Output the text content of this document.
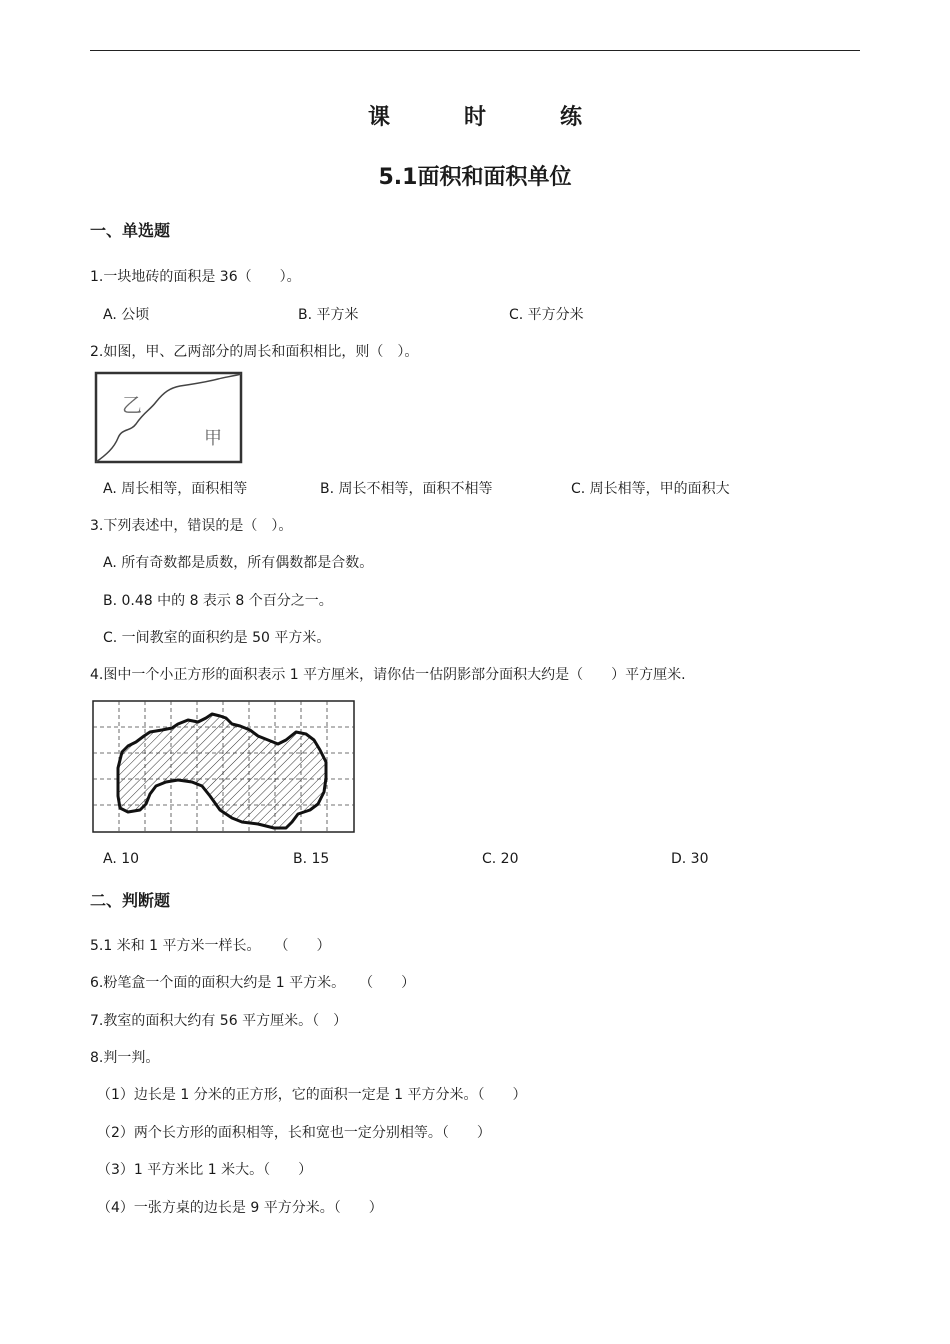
课　时　练
5.1面积和面积单位
一、单选题
1.一块地砖的面积是 36（　　）。
A. 公顷	B. 平方米	C. 平方分米
2.如图，甲、乙两部分的周长和面积相比，则（　）。
乙
甲
A. 周长相等，面积相等	B. 周长不相等，面积不相等	C. 周长相等，甲的面积大
3.下列表述中，错误的是（　）。
A. 所有奇数都是质数，所有偶数都是合数。
B. 0.48 中的 8 表示 8 个百分之一。
C. 一间教室的面积约是 50 平方米。
4.图中一个小正方形的面积表示 1 平方厘米，请你估一估阴影部分面积大约是（　　）平方厘米.
A. 10	B. 15	C. 20	D. 30
二、判断题
5.1 米和 1 平方米一样长。　　（　　）
6.粉笔盒一个面的面积大约是 1 平方米。　　（　　）
7.教室的面积大约有 56 平方厘米。（　）
8.判一判。
（1）边长是 1 分米的正方形，它的面积一定是 1 平方分米。（　　）
（2）两个长方形的面积相等，长和宽也一定分别相等。（　　）
（3）1 平方米比 1 米大。（　　）
（4）一张方桌的边长是 9 平方分米。（　　）
